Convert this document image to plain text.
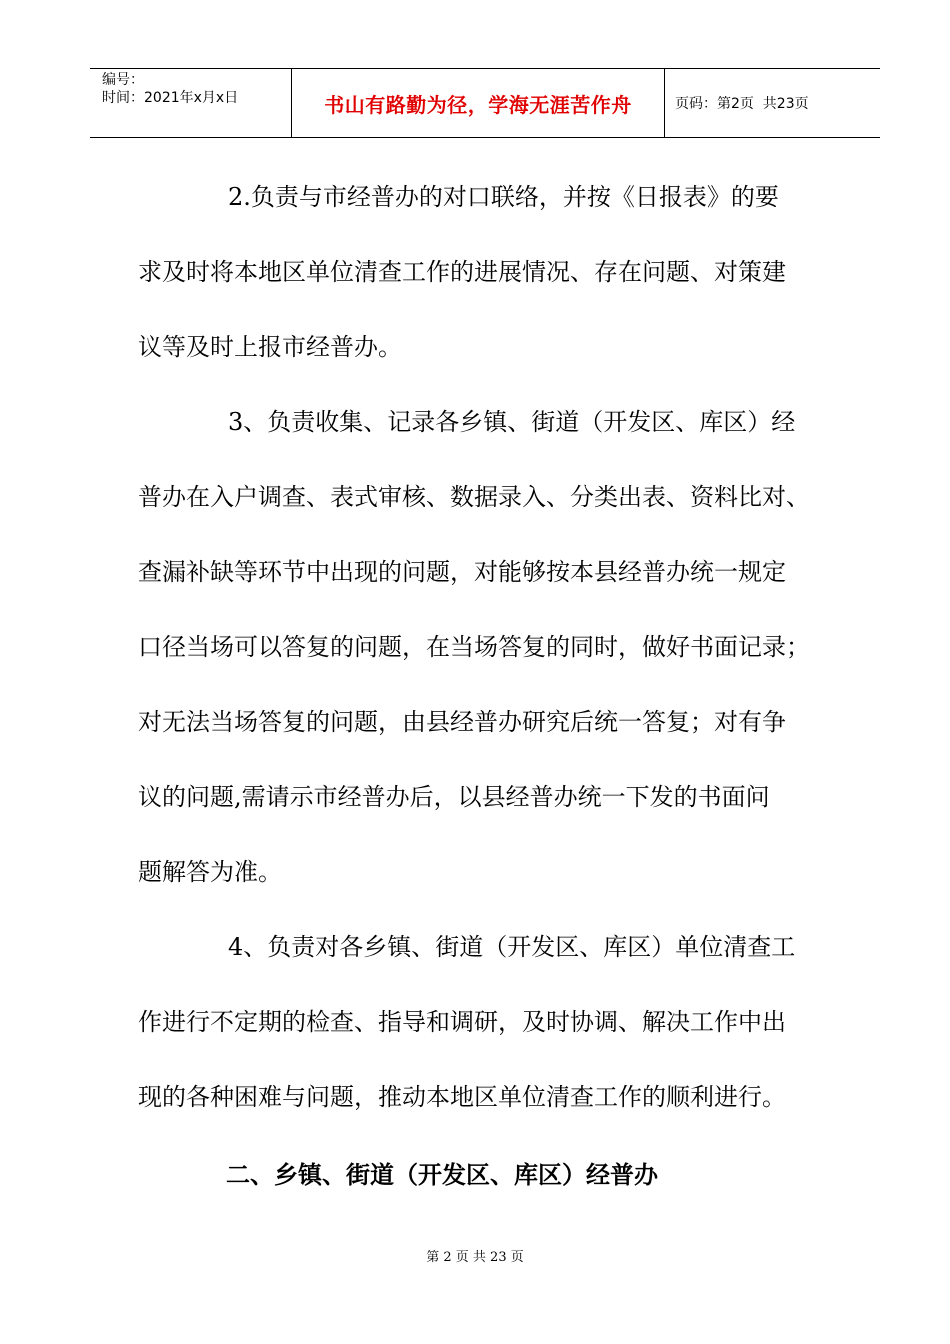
编号：
时间：2021年x月x日	书山有路勤为径，学海无涯苦作舟	页码：第2页  共23页
2.负责与市经普办的对口联络，并按《日报表》的要
求及时将本地区单位清查工作的进展情况、存在问题、对策建
议等及时上报市经普办。
3、负责收集、记录各乡镇、街道（开发区、库区）经
普办在入户调查、表式审核、数据录入、分类出表、资料比对、
查漏补缺等环节中出现的问题，对能够按本县经普办统一规定
口径当场可以答复的问题，在当场答复的同时，做好书面记录；
对无法当场答复的问题，由县经普办研究后统一答复；对有争
议的问题,需请示市经普办后，以县经普办统一下发的书面问
题解答为准。
4、负责对各乡镇、街道（开发区、库区）单位清查工
作进行不定期的检查、指导和调研，及时协调、解决工作中出
现的各种困难与问题，推动本地区单位清查工作的顺利进行。
二、乡镇、街道（开发区、库区）经普办
第 2 页 共 23 页
